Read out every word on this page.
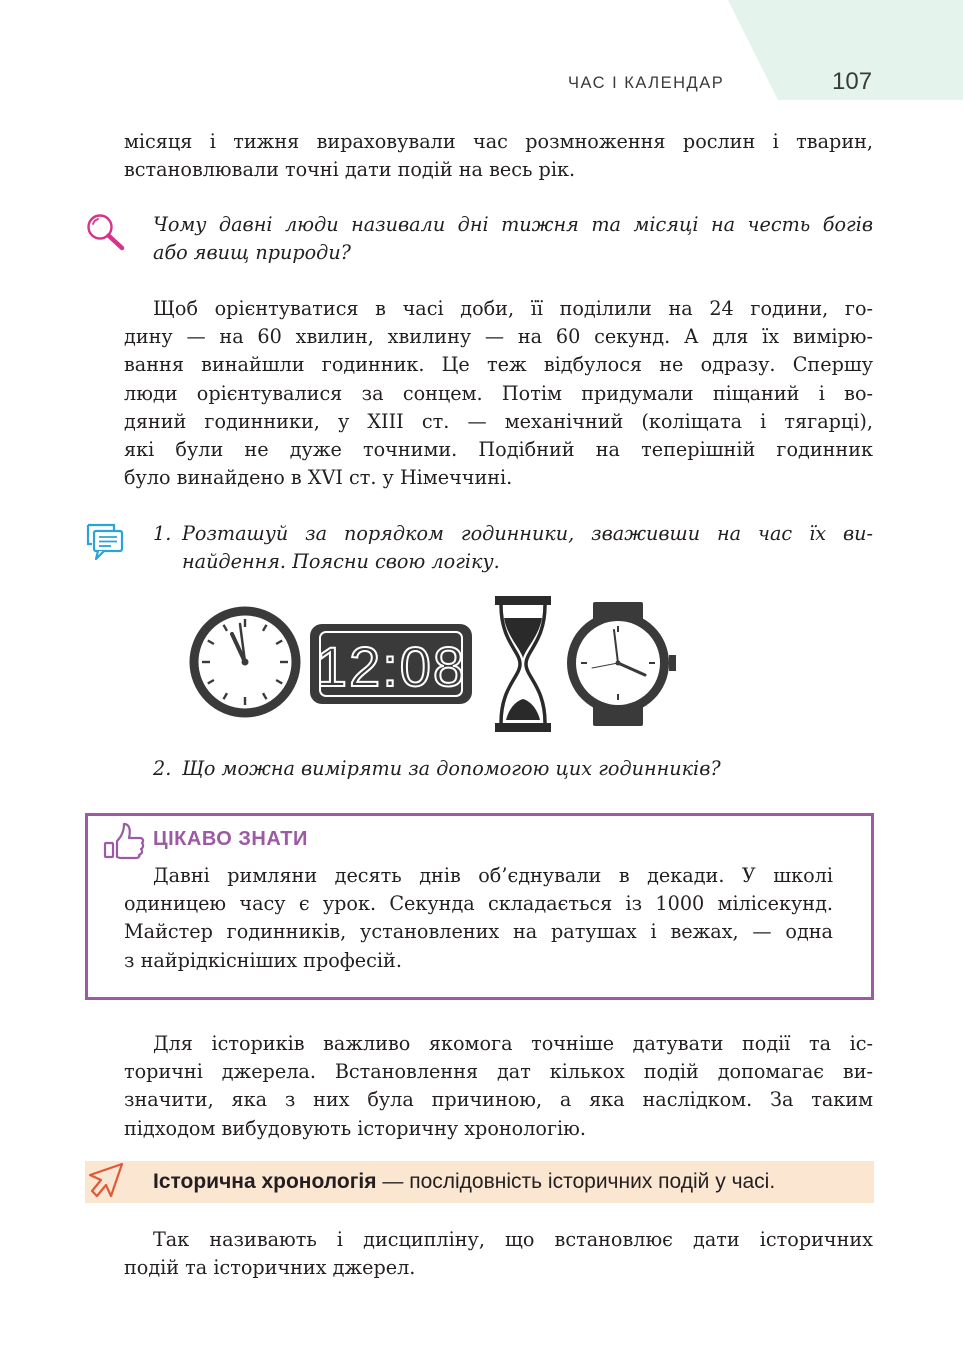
ЧАС І КАЛЕНДАР	107

місяця і тижня вираховували час розмноження рослин і тварин,

встановлювали точні дати подій на весь рік.

Чому давні люди називали дні тижня та місяці на честь богів

або явищ природи?

Щоб орієнтуватися в часі доби, її поділили на 24 години, го-

дину — на 60 хвилин, хвилину — на 60 секунд. А для їх вимірю-

вання винайшли годинник. Це теж відбулося не одразу. Спершу

люди орієнтувалися за сонцем. Потім придумали піщаний і во-

дяний годинники, у XIII ст. — механічний (коліщата і тягарці),

які були не дуже точними. Подібний на теперішній годинник

було винайдено в XVI ст. у Німеччині.

1. Розташуй за порядком годинники, зваживши на час їх ви-

найдення. Поясни свою логіку.

12:08
2. Що можна виміряти за допомогою цих годинників?

ЦІКАВО ЗНАТИ

Давні римляни десять днів об’єднували в декади. У школі

одиницею часу є урок. Секунда складається із 1000 мілісекунд.

Майстер годинників, установлених на ратушах і вежах, — одна

з найрідкісніших професій.

Для істориків важливо якомога точніше датувати події та іс-

торичні джерела. Встановлення дат кількох подій допомагає ви-

значити, яка з них була причиною, а яка наслідком. За таким

підходом вибудовують історичну хронологію.

Історична хронологія — послідовність історичних подій у часі.

Так називають і дисципліну, що встановлює дати історичних

подій та історичних джерел.
